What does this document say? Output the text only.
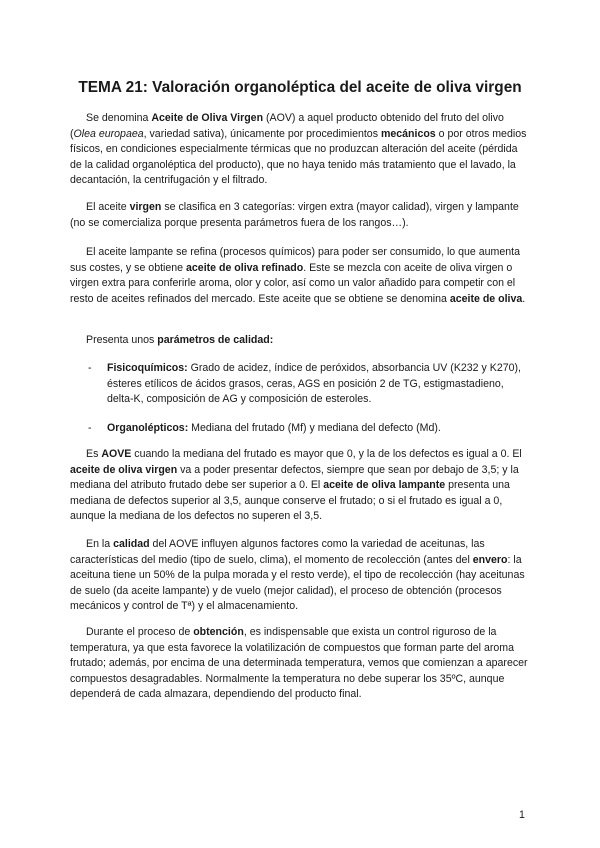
TEMA 21: Valoración organoléptica del aceite de oliva virgen

Se denomina Aceite de Oliva Virgen (AOV) a aquel producto obtenido del fruto del olivo (Olea europaea, variedad sativa), únicamente por procedimientos mecánicos o por otros medios físicos, en condiciones especialmente térmicas que no produzcan alteración del aceite (pérdida de la calidad organoléptica del producto), que no haya tenido más tratamiento que el lavado, la decantación, la centrifugación y el filtrado.

El aceite virgen se clasifica en 3 categorías: virgen extra (mayor calidad), virgen y lampante (no se comercializa porque presenta parámetros fuera de los rangos…).

El aceite lampante se refina (procesos químicos) para poder ser consumido, lo que aumenta sus costes, y se obtiene aceite de oliva refinado. Este se mezcla con aceite de oliva virgen o virgen extra para conferirle aroma, olor y color, así como un valor añadido para competir con el resto de aceites refinados del mercado. Este aceite que se obtiene se denomina aceite de oliva.

Presenta unos parámetros de calidad:

- Fisicoquímicos: Grado de acidez, índice de peróxidos, absorbancia UV (K232 y K270), ésteres etílicos de ácidos grasos, ceras, AGS en posición 2 de TG, estigmastadieno, delta-K, composición de AG y composición de esteroles.

- Organolépticos: Mediana del frutado (Mf) y mediana del defecto (Md).

Es AOVE cuando la mediana del frutado es mayor que 0, y la de los defectos es igual a 0. El aceite de oliva virgen va a poder presentar defectos, siempre que sean por debajo de 3,5; y la mediana del atributo frutado debe ser superior a 0. El aceite de oliva lampante presenta una mediana de defectos superior al 3,5, aunque conserve el frutado; o si el frutado es igual a 0, aunque la mediana de los defectos no superen el 3,5.

En la calidad del AOVE influyen algunos factores como la variedad de aceitunas, las características del medio (tipo de suelo, clima), el momento de recolección (antes del envero: la aceituna tiene un 50% de la pulpa morada y el resto verde), el tipo de recolección (hay aceitunas de suelo (da aceite lampante) y de vuelo (mejor calidad), el proceso de obtención (procesos mecánicos y control de Tª) y el almacenamiento.

Durante el proceso de obtención, es indispensable que exista un control riguroso de la temperatura, ya que esta favorece la volatilización de compuestos que forman parte del aroma frutado; además, por encima de una determinada temperatura, vemos que comienzan a aparecer compuestos desagradables. Normalmente la temperatura no debe superar los 35ºC, aunque dependerá de cada almazara, dependiendo del producto final.

1
